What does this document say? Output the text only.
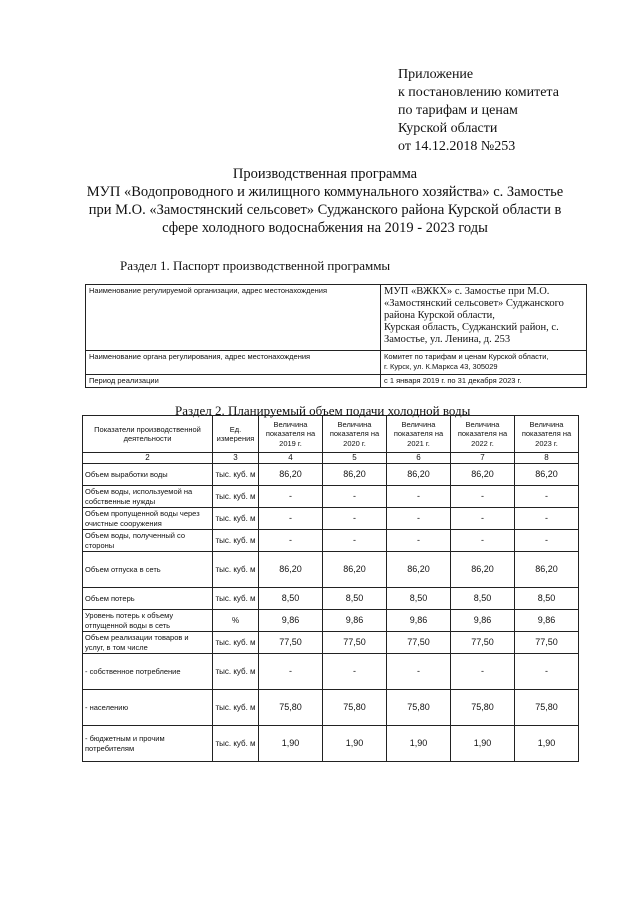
Приложение
к постановлению комитета
по тарифам и ценам
Курской области
от 14.12.2018 №253
Производственная программа
МУП «Водопроводного и жилищного коммунального хозяйства» с. Замостье
при М.О. «Замостянский сельсовет» Суджанского района Курской области в
сфере холодного водоснабжения на 2019 - 2023 годы
Раздел 1. Паспорт производственной программы
Наименование регулируемой организации, адрес местонахождения	МУП «ВЖКХ» с. Замостье при М.О.
«Замостянский сельсовет» Суджанского
района Курской области,
Курская область, Суджанский район, с.
Замостье, ул. Ленина, д. 253

Наименование органа регулирования, адрес местонахождения	Комитет по тарифам и ценам Курской области,
г. Курск, ул. К.Маркса 43, 305029

Период реализации	с 1 января 2019 г. по 31 декабря 2023 г.
Раздел 2. Планируемый объем подачи холодной воды
Показатели производственной деятельности	Ед. измерения	Величина показателя на 2019 г.	Величина показателя на 2020 г.	Величина показателя на 2021 г.	Величина показателя на 2022 г.	Величина показателя на 2023 г.
2	3	4	5	6	7	8
Объем выработки воды	тыс. куб. м	86,20	86,20	86,20	86,20	86,20
Объем воды, используемой на собственные нужды	тыс. куб. м	-	-	-	-	-
Объем пропущенной воды через очистные сооружения	тыс. куб. м	-	-	-	-	-
Объем воды, полученный со стороны	тыс. куб. м	-	-	-	-	-
Объем отпуска в сеть	тыс. куб. м	86,20	86,20	86,20	86,20	86,20
Объем потерь	тыс. куб. м	8,50	8,50	8,50	8,50	8,50
Уровень потерь к объему отпущенной воды в сеть	%	9,86	9,86	9,86	9,86	9,86
Объем реализации товаров и услуг, в том числе	тыс. куб. м	77,50	77,50	77,50	77,50	77,50
- собственное потребление	тыс. куб. м	-	-	-	-	-
- населению	тыс. куб. м	75,80	75,80	75,80	75,80	75,80
- бюджетным и прочим потребителям	тыс. куб. м	1,90	1,90	1,90	1,90	1,90
